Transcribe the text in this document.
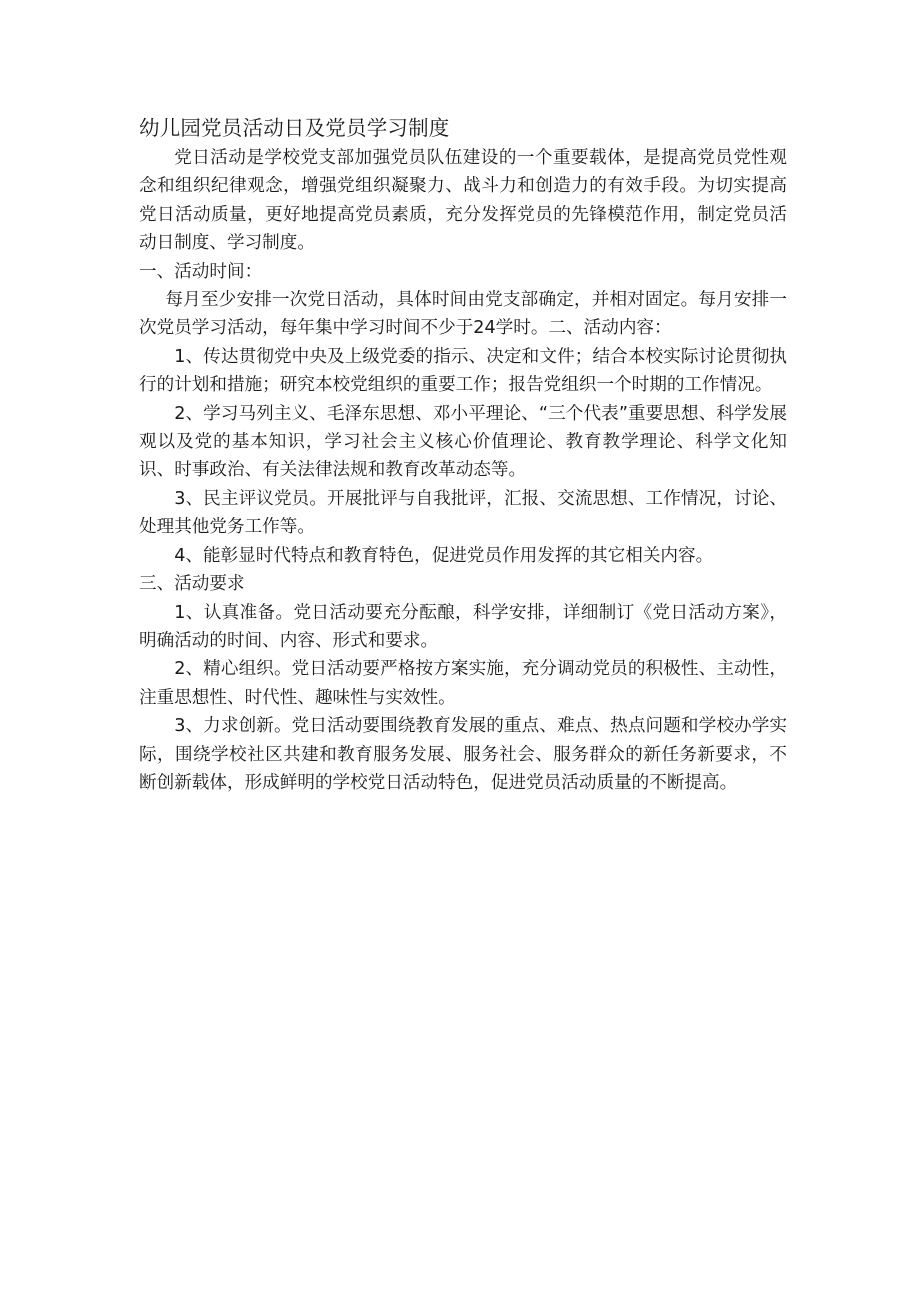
幼儿园党员活动日及党员学习制度

党日活动是学校党支部加强党员队伍建设的一个重要载体，是提高党员党性观念和组织纪律观念，增强党组织凝聚力、战斗力和创造力的有效手段。为切实提高党日活动质量，更好地提高党员素质，充分发挥党员的先锋模范作用，制定党员活动日制度、学习制度。

一、活动时间：

每月至少安排一次党日活动，具体时间由党支部确定，并相对固定。每月安排一次党员学习活动，每年集中学习时间不少于24学时。二、活动内容：

1、传达贯彻党中央及上级党委的指示、决定和文件；结合本校实际讨论贯彻执行的计划和措施；研究本校党组织的重要工作；报告党组织一个时期的工作情况。

2、学习马列主义、毛泽东思想、邓小平理论、“三个代表”重要思想、科学发展观以及党的基本知识，学习社会主义核心价值理论、教育教学理论、科学文化知识、时事政治、有关法律法规和教育改革动态等。

3、民主评议党员。开展批评与自我批评，汇报、交流思想、工作情况，讨论、处理其他党务工作等。

4、能彰显时代特点和教育特色，促进党员作用发挥的其它相关内容。

三、活动要求

1、认真准备。党日活动要充分酝酿，科学安排，详细制订《党日活动方案》，明确活动的时间、内容、形式和要求。

2、精心组织。党日活动要严格按方案实施，充分调动党员的积极性、主动性，注重思想性、时代性、趣味性与实效性。

3、力求创新。党日活动要围绕教育发展的重点、难点、热点问题和学校办学实际，围绕学校社区共建和教育服务发展、服务社会、服务群众的新任务新要求，不断创新载体，形成鲜明的学校党日活动特色，促进党员活动质量的不断提高。
